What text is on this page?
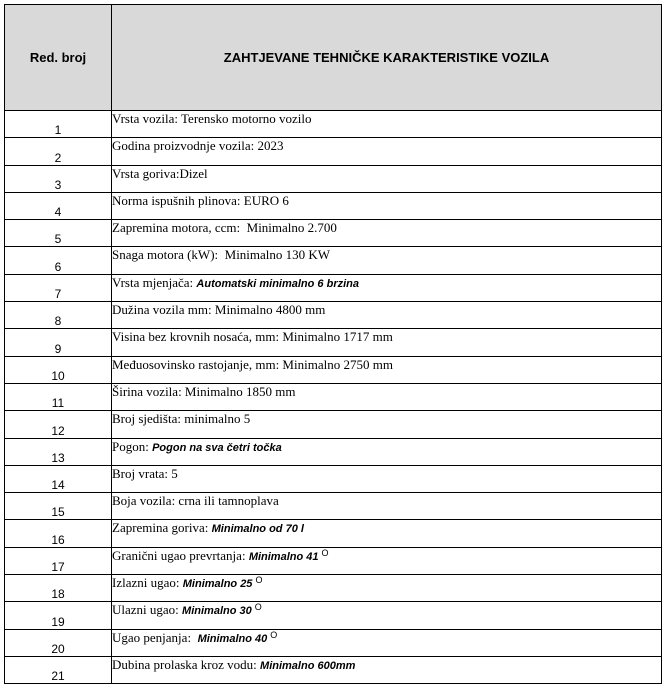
Red. broj	ZAHTJEVANE TEHNIČKE KARAKTERISTIKE VOZILA
1	Vrsta vozila: Terensko motorno vozilo
2	Godina proizvodnje vozila: 2023
3	Vrsta goriva:Dizel
4	Norma ispušnih plinova: EURO 6
5	Zapremina motora, ccm:  Minimalno 2.700
6	Snaga motora (kW):  Minimalno 130 KW
7	Vrsta mjenjača: Automatski minimalno 6 brzina
8	Dužina vozila mm: Minimalno 4800 mm
9	Visina bez krovnih nosaća, mm: Minimalno 1717 mm
10	Međuosovinsko rastojanje, mm: Minimalno 2750 mm
11	Širina vozila: Minimalno 1850 mm
12	Broj sjedišta: minimalno 5
13	Pogon: Pogon na sva četri točka
14	Broj vrata: 5
15	Boja vozila: crna ili tamnoplava
16	Zapremina goriva: Minimalno od 70 l
17	Granični ugao prevrtanja: Minimalno 41 $^O$
18	Izlazni ugao: Minimalno 25 $^O$
19	Ulazni ugao: Minimalno 30 $^O$
20	Ugao penjanja:  Minimalno 40 $^O$
21	Dubina prolaska kroz vodu: Minimalno 600mm
